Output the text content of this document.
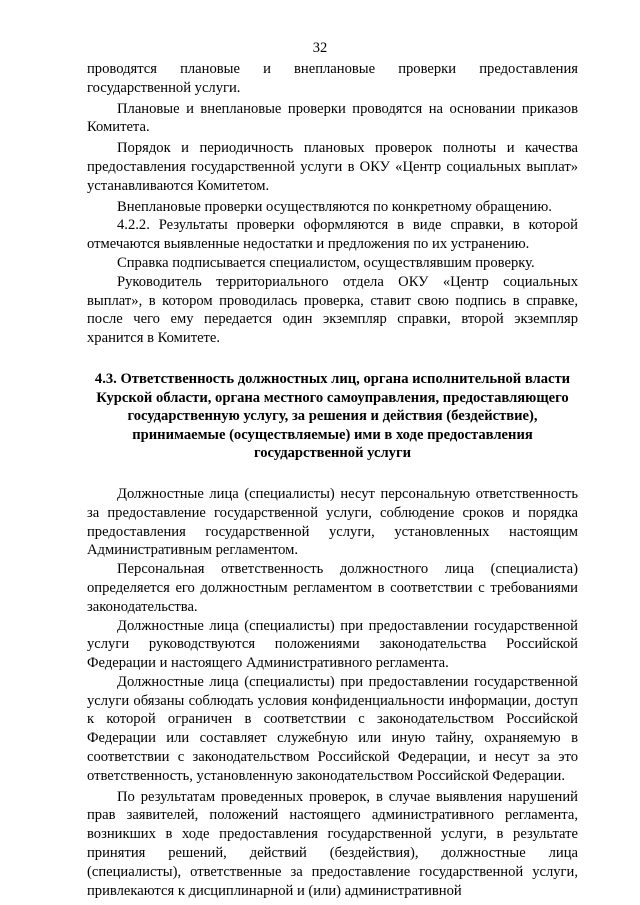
32

проводятся плановые и внеплановые проверки предоставления государственной услуги.

Плановые и внеплановые проверки проводятся на основании приказов Комитета.

Порядок и периодичность плановых проверок полноты и качества предоставления государственной услуги в ОКУ «Центр социальных выплат» устанавливаются Комитетом.

Внеплановые проверки осуществляются по конкретному обращению.

4.2.2. Результаты проверки оформляются в виде справки, в которой отмечаются выявленные недостатки и предложения по их устранению.

Справка подписывается специалистом, осуществлявшим проверку.

Руководитель территориального отдела ОКУ «Центр социальных выплат», в котором проводилась проверка, ставит свою подпись в справке, после чего ему передается один экземпляр справки, второй экземпляр хранится в Комитете.

4.3. Ответственность должностных лиц, органа исполнительной власти Курской области, органа местного самоуправления, предоставляющего государственную услугу, за решения и действия (бездействие), принимаемые (осуществляемые) ими в ходе предоставления государственной услуги

Должностные лица (специалисты) несут персональную ответственность за предоставление государственной услуги, соблюдение сроков и порядка предоставления государственной услуги, установленных настоящим Административным регламентом.

Персональная ответственность должностного лица (специалиста) определяется его должностным регламентом в соответствии с требованиями законодательства.

Должностные лица (специалисты) при предоставлении государственной услуги руководствуются положениями законодательства Российской Федерации и настоящего Административного регламента.

Должностные лица (специалисты) при предоставлении государственной услуги обязаны соблюдать условия конфиденциальности информации, доступ к которой ограничен в соответствии с законодательством Российской Федерации или составляет служебную или иную тайну, охраняемую в соответствии с законодательством Российской Федерации, и несут за это ответственность, установленную законодательством Российской Федерации.

По результатам проведенных проверок, в случае выявления нарушений прав заявителей, положений настоящего административного регламента, возникших в ходе предоставления государственной услуги, в результате принятия решений, действий (бездействия), должностные лица (специалисты), ответственные за предоставление государственной услуги, привлекаются к дисциплинарной и (или) административной
